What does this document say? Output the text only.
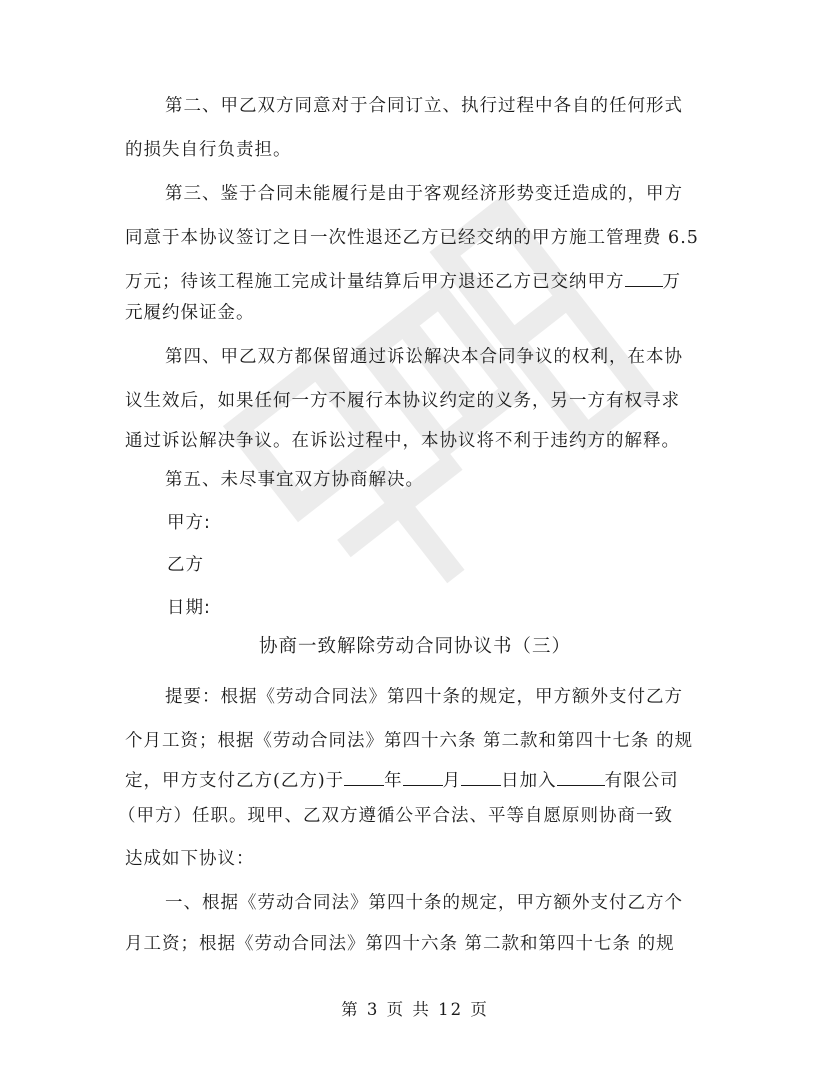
第二、甲乙双方同意对于合同订立、执行过程中各自的任何形式
的损失自行负责担。
第三、鉴于合同未能履行是由于客观经济形势变迁造成的，甲方
同意于本协议签订之日一次性退还乙方已经交纳的甲方施工管理费 6.5
万元；待该工程施工完成计量结算后甲方退还乙方已交纳甲方 万
元履约保证金。
第四、甲乙双方都保留通过诉讼解决本合同争议的权利，在本协
议生效后，如果任何一方不履行本协议约定的义务，另一方有权寻求
通过诉讼解决争议。在诉讼过程中，本协议将不利于违约方的解释。
第五、未尽事宜双方协商解决。
甲方:
乙方
日期:
协商一致解除劳动合同协议书（三）
提要：根据《劳动合同法》第四十条的规定，甲方额外支付乙方
个月工资；根据《劳动合同法》第四十六条 第二款和第四十七条 的规
定，甲方支付乙方(乙方)于 年 月 日加入	有限公司
（甲方）任职。现甲、乙双方遵循公平合法、平等自愿原则协商一致
达成如下协议：
一、根据《劳动合同法》第四十条的规定，甲方额外支付乙方个
月工资；根据《劳动合同法》第四十六条 第二款和第四十七条 的规
第 3 页 共 12 页
